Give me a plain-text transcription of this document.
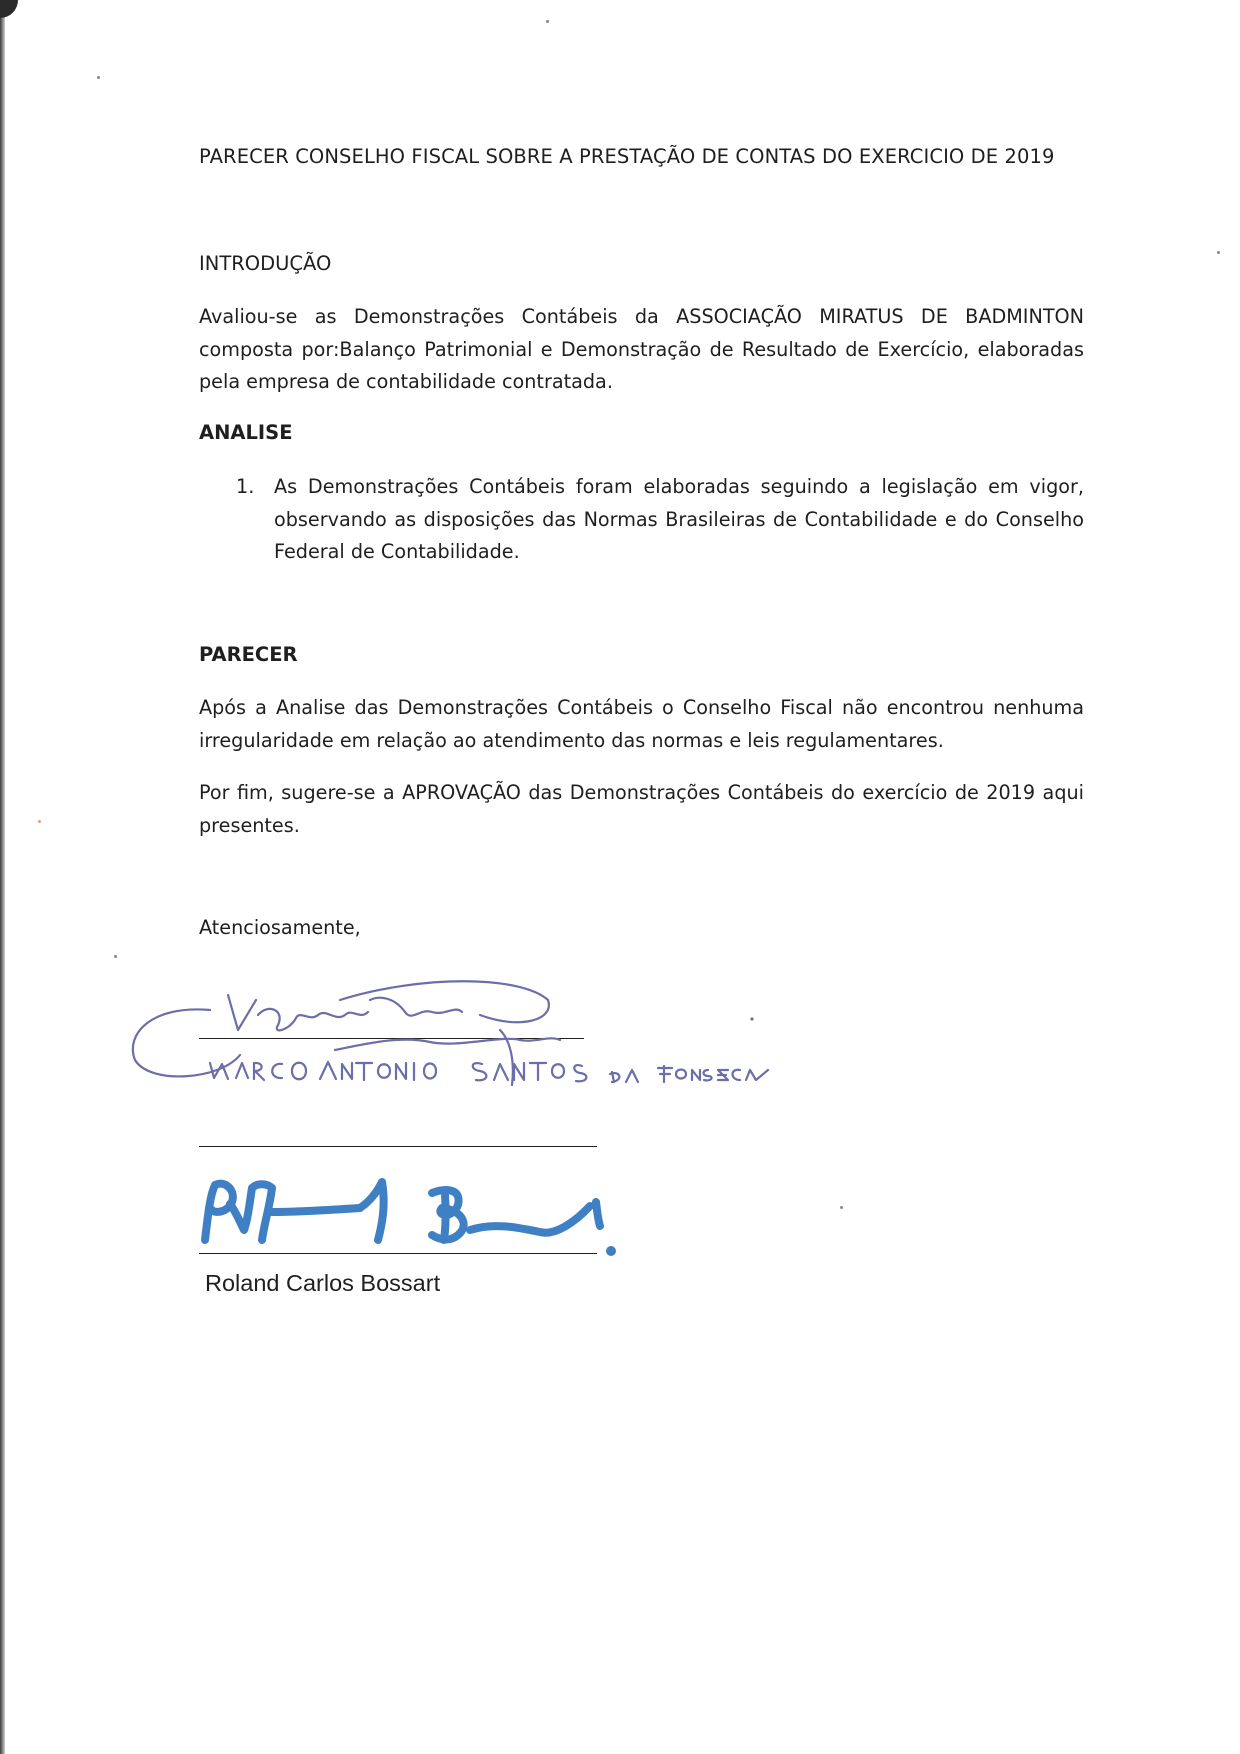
PARECER CONSELHO FISCAL SOBRE A PRESTAÇÃO DE CONTAS DO EXERCICIO DE 2019
INTRODUÇÃO
Avaliou-se as Demonstrações Contábeis da ASSOCIAÇÃO MIRATUS DE BADMINTON composta por:Balanço Patrimonial e Demonstração de Resultado de Exercício, elaboradas pela empresa de contabilidade contratada.
ANALISE
1. As Demonstrações Contábeis foram elaboradas seguindo a legislação em vigor, observando as disposições das Normas Brasileiras de Contabilidade e do Conselho Federal de Contabilidade.
PARECER
Após a Analise das Demonstrações Contábeis o Conselho Fiscal não encontrou nenhuma irregularidade em relação ao atendimento das normas e leis regulamentares.
Por fim, sugere-se a APROVAÇÃO das Demonstrações Contábeis do exercício de 2019 aqui presentes.
Atenciosamente,
Roland Carlos Bossart
